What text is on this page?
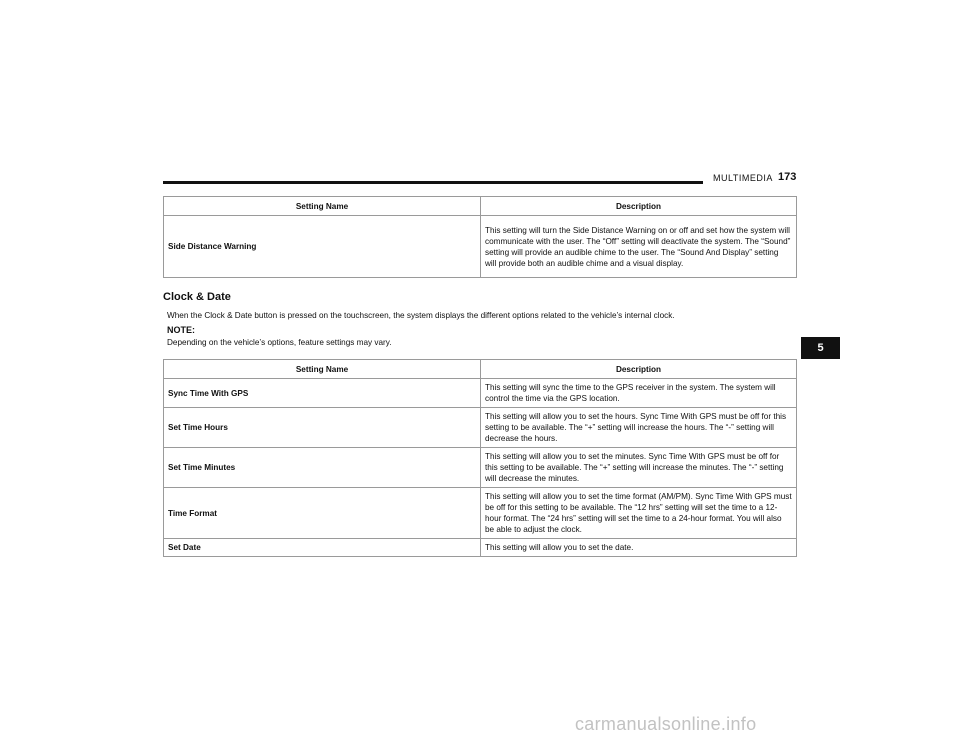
MULTIMEDIA 173
Setting Name	Description
Side Distance Warning	This setting will turn the Side Distance Warning on or off and set how the system will communicate with the user. The “Off” setting will deactivate the system. The “Sound” setting will provide an audible chime to the user. The “Sound And Display” setting will provide both an audible chime and a visual display.
Clock & Date
When the Clock & Date button is pressed on the touchscreen, the system displays the different options related to the vehicle’s internal clock.
NOTE:
Depending on the vehicle’s options, feature settings may vary.
Setting Name	Description
Sync Time With GPS	This setting will sync the time to the GPS receiver in the system. The system will control the time via the GPS location.
Set Time Hours	This setting will allow you to set the hours. Sync Time With GPS must be off for this setting to be available. The “+” setting will increase the hours. The “-” setting will decrease the hours.
Set Time Minutes	This setting will allow you to set the minutes. Sync Time With GPS must be off for this setting to be available. The “+” setting will increase the minutes. The “-” setting will decrease the minutes.
Time Format	This setting will allow you to set the time format (AM/PM). Sync Time With GPS must be off for this setting to be available. The “12 hrs” setting will set the time to a 12-hour format. The “24 hrs” setting will set the time to a 24-hour format. You will also be able to adjust the clock.
Set Date	This setting will allow you to set the date.
5
carmanualsonline.info
